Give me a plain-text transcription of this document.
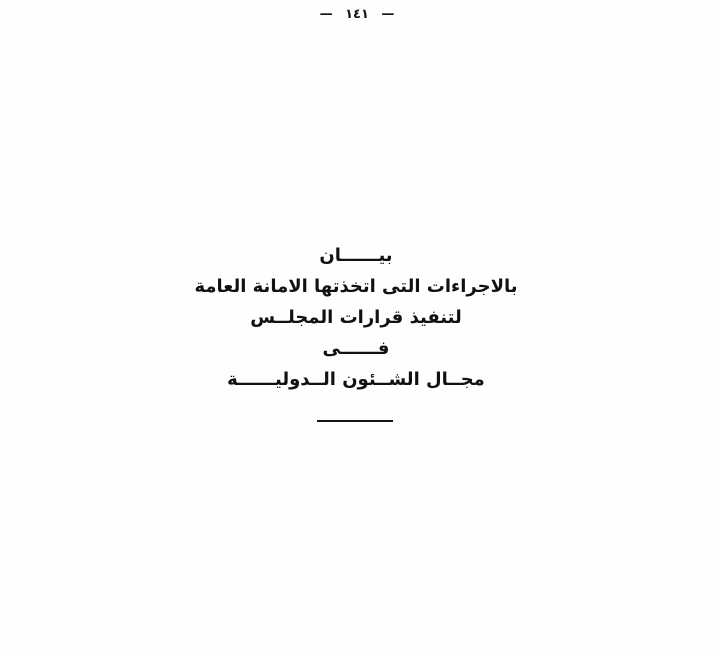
— ١٤١ —
بيــــــان
بالاجراءات التى اتخذتها الامانة العامة
لتنفيذ قرارات المجلــس
فــــــى
مجــال الشــئون الــدوليــــــة
